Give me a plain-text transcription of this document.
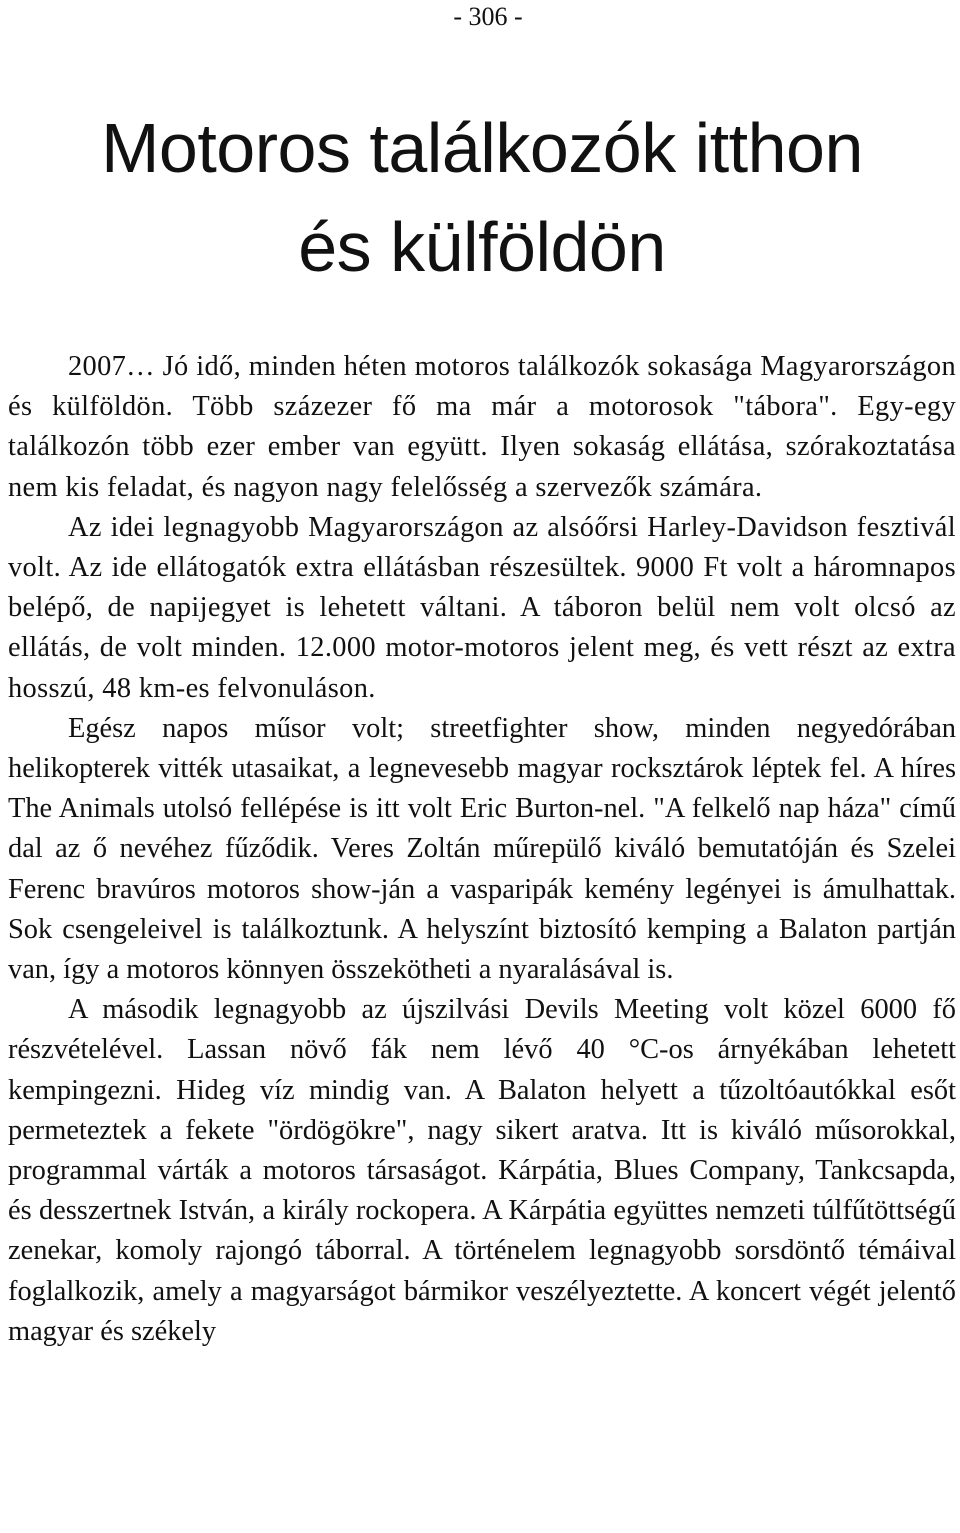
- 306 -
Motoros találkozók itthon
és külföldön

2007… Jó idő, minden héten motoros találkozók sokasága Magyarországon és külföldön. Több százezer fő ma már a motorosok "tábora". Egy-egy találkozón több ezer ember van együtt. Ilyen sokaság ellátása, szórakoztatása nem kis feladat, és nagyon nagy felelősség a szervezők számára.

Az idei legnagyobb Magyarországon az alsóőrsi Harley-Davidson fesztivál volt. Az ide ellátogatók extra ellátásban részesültek. 9000 Ft volt a háromnapos belépő, de napijegyet is lehetett váltani. A táboron belül nem volt olcsó az ellátás, de volt minden. 12.000 motor-motoros jelent meg, és vett részt az extra hosszú, 48 km-es felvonuláson.

Egész napos műsor volt; streetfighter show, minden negyedórában helikopterek vitték utasaikat, a legnevesebb magyar rocksztárok léptek fel. A híres The Animals utolsó fellépése is itt volt Eric Burton-nel. "A felkelő nap háza" című dal az ő nevéhez fűződik. Veres Zoltán műrepülő kiváló bemutatóján és Szelei Ferenc bravúros motoros show-ján a vasparipák kemény legényei is ámulhattak. Sok csengeleivel is találkoztunk. A helyszínt biztosító kemping a Balaton partján van, így a motoros könnyen összekötheti a nyaralásával is.

A második legnagyobb az újszilvási Devils Meeting volt közel 6000 fő részvételével. Lassan növő fák nem lévő 40 °C-os árnyékában lehetett kempingezni. Hideg víz mindig van. A Balaton helyett a tűzoltóautókkal esőt permeteztek a fekete "ördögökre", nagy sikert aratva. Itt is kiváló műsorokkal, programmal várták a motoros társaságot. Kárpátia, Blues Company, Tankcsapda, és desszertnek István, a király rockopera. A Kárpátia együttes nemzeti túlfűtöttségű zenekar, komoly rajongó táborral. A történelem legnagyobb sorsdöntő témáival foglalkozik, amely a magyarságot bármikor veszélyeztette. A koncert végét jelentő magyar és székely
